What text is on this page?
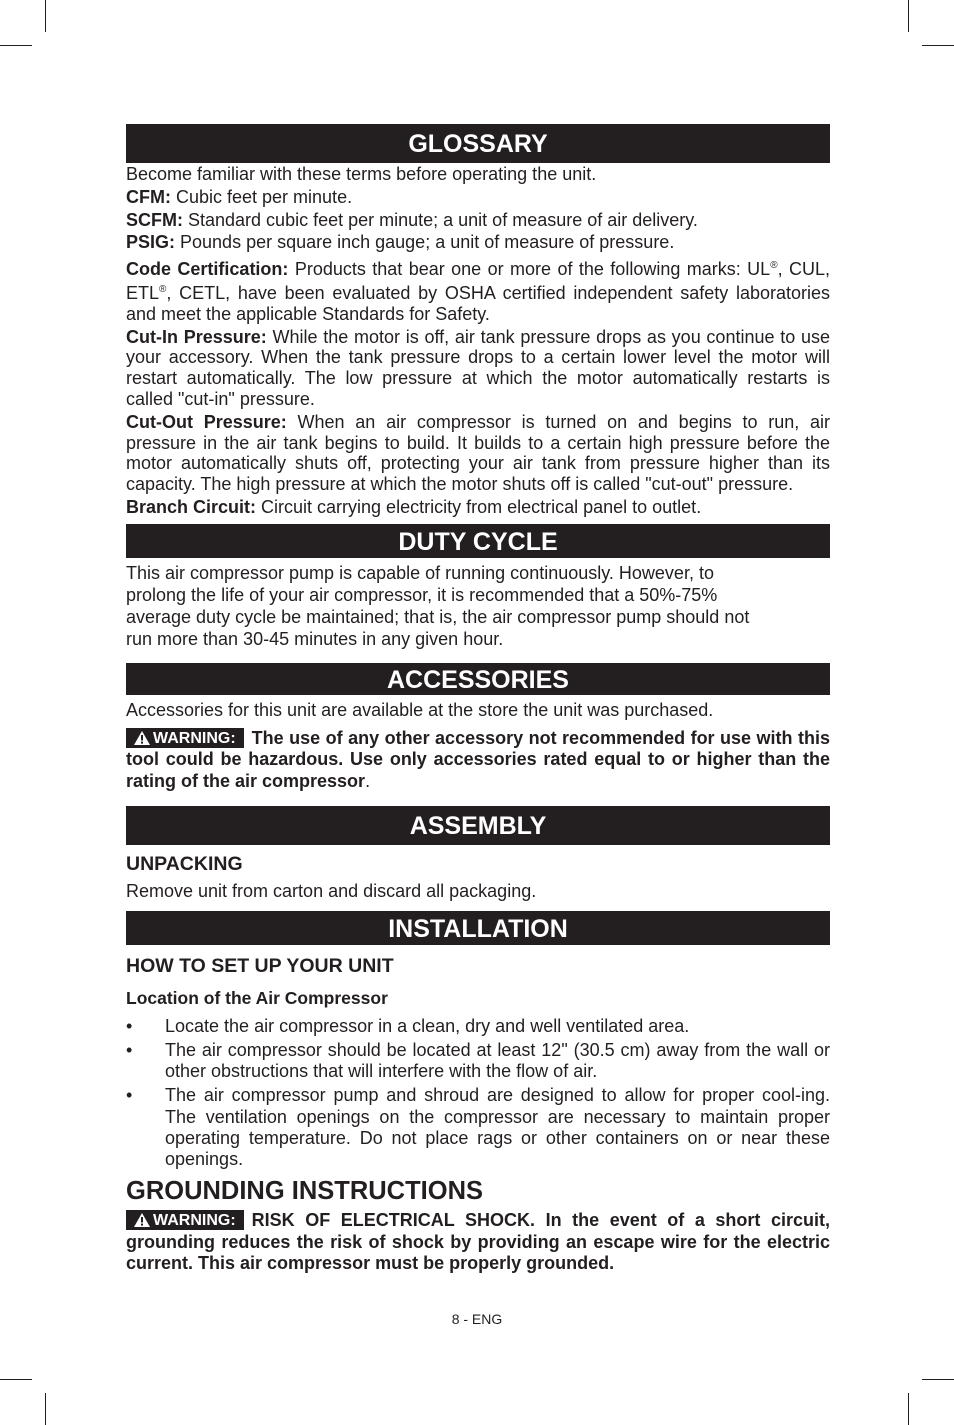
GLOSSARY

Become familiar with these terms before operating the unit.

CFM: Cubic feet per minute.

SCFM: Standard cubic feet per minute; a unit of measure of air delivery.

PSIG: Pounds per square inch gauge; a unit of measure of pressure.

Code Certification: Products that bear one or more of the following marks: UL®, CUL, ETL®, CETL, have been evaluated by OSHA certified independent safety laboratories and meet the applicable Standards for Safety.

Cut-In Pressure: While the motor is off, air tank pressure drops as you continue to use your accessory. When the tank pressure drops to a certain lower level the motor will restart automatically. The low pressure at which the motor automatically restarts is called "cut-in" pressure.

Cut-Out Pressure: When an air compressor is turned on and begins to run, air pressure in the air tank begins to build. It builds to a certain high pressure before the motor automatically shuts off, protecting your air tank from pressure higher than its capacity. The high pressure at which the motor shuts off is called "cut-out" pressure.

Branch Circuit: Circuit carrying electricity from electrical panel to outlet.

DUTY CYCLE

This air compressor pump is capable of running continuously. However, to

prolong the life of your air compressor, it is recommended that a 50%-75%

average duty cycle be maintained; that is, the air compressor pump should not

run more than 30-45 minutes in any given hour.

ACCESSORIES

Accessories for this unit are available at the store the unit was purchased.

WARNING: The use of any other accessory not recommended for use with this tool could be hazardous. Use only accessories rated equal to or higher than the rating of the air compressor.

ASSEMBLY

UNPACKING

Remove unit from carton and discard all packaging.

INSTALLATION

HOW TO SET UP YOUR UNIT

Location of the Air Compressor

• Locate the air compressor in a clean, dry and well ventilated area.
• The air compressor should be located at least 12" (30.5 cm) away from the wall or other obstructions that will interfere with the flow of air.
• The air compressor pump and shroud are designed to allow for proper cool-ing. The ventilation openings on the compressor are necessary to maintain proper operating temperature. Do not place rags or other containers on or near these openings.

GROUNDING INSTRUCTIONS

WARNING: RISK OF ELECTRICAL SHOCK. In the event of a short circuit, grounding reduces the risk of shock by providing an escape wire for the electric current. This air compressor must be properly grounded.

8 - ENG
